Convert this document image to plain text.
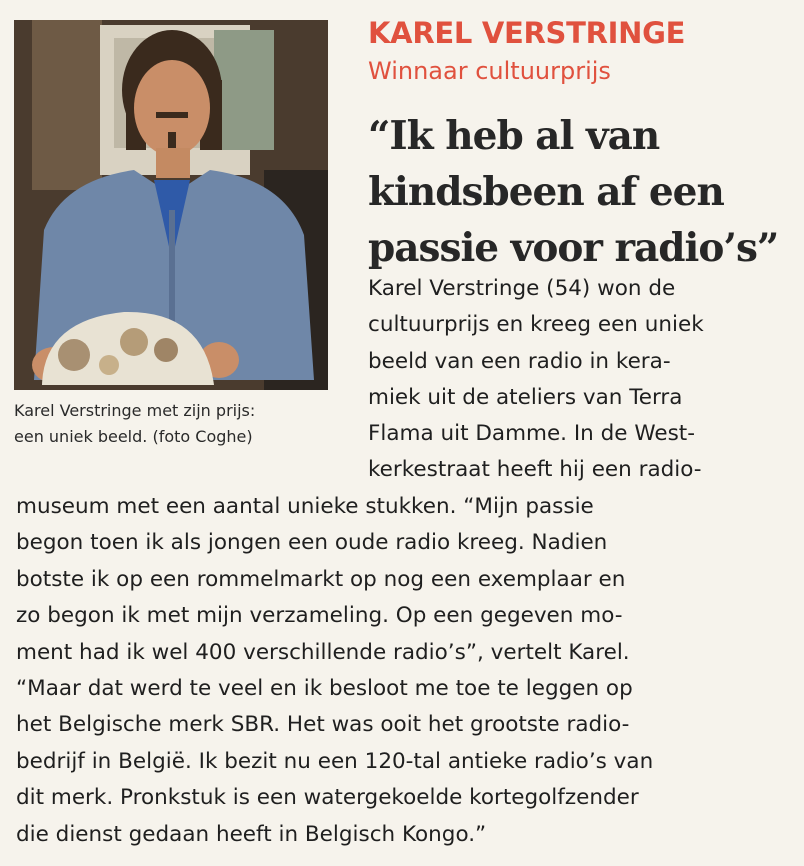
Karel Verstringe met zijn prijs:
een uniek beeld. (foto Coghe)
KAREL VERSTRINGE
Winnaar cultuurprijs
“Ik heb al van
kindsbeen af een
passie voor radio’s”
Karel Verstringe (54) won de
cultuurprijs en kreeg een uniek
beeld van een radio in kera-
miek uit de ateliers van Terra
Flama uit Damme. In de West-
kerkestraat heeft hij een radio-
museum met een aantal unieke stukken. “Mijn passie
begon toen ik als jongen een oude radio kreeg. Nadien
botste ik op een rommelmarkt op nog een exemplaar en
zo begon ik met mijn verzameling. Op een gegeven mo-
ment had ik wel 400 verschillende radio’s”, vertelt Karel.
“Maar dat werd te veel en ik besloot me toe te leggen op
het Belgische merk SBR. Het was ooit het grootste radio-
bedrijf in België. Ik bezit nu een 120-tal antieke radio’s van
dit merk. Pronkstuk is een watergekoelde kortegolfzender
die dienst gedaan heeft in Belgisch Kongo.”
